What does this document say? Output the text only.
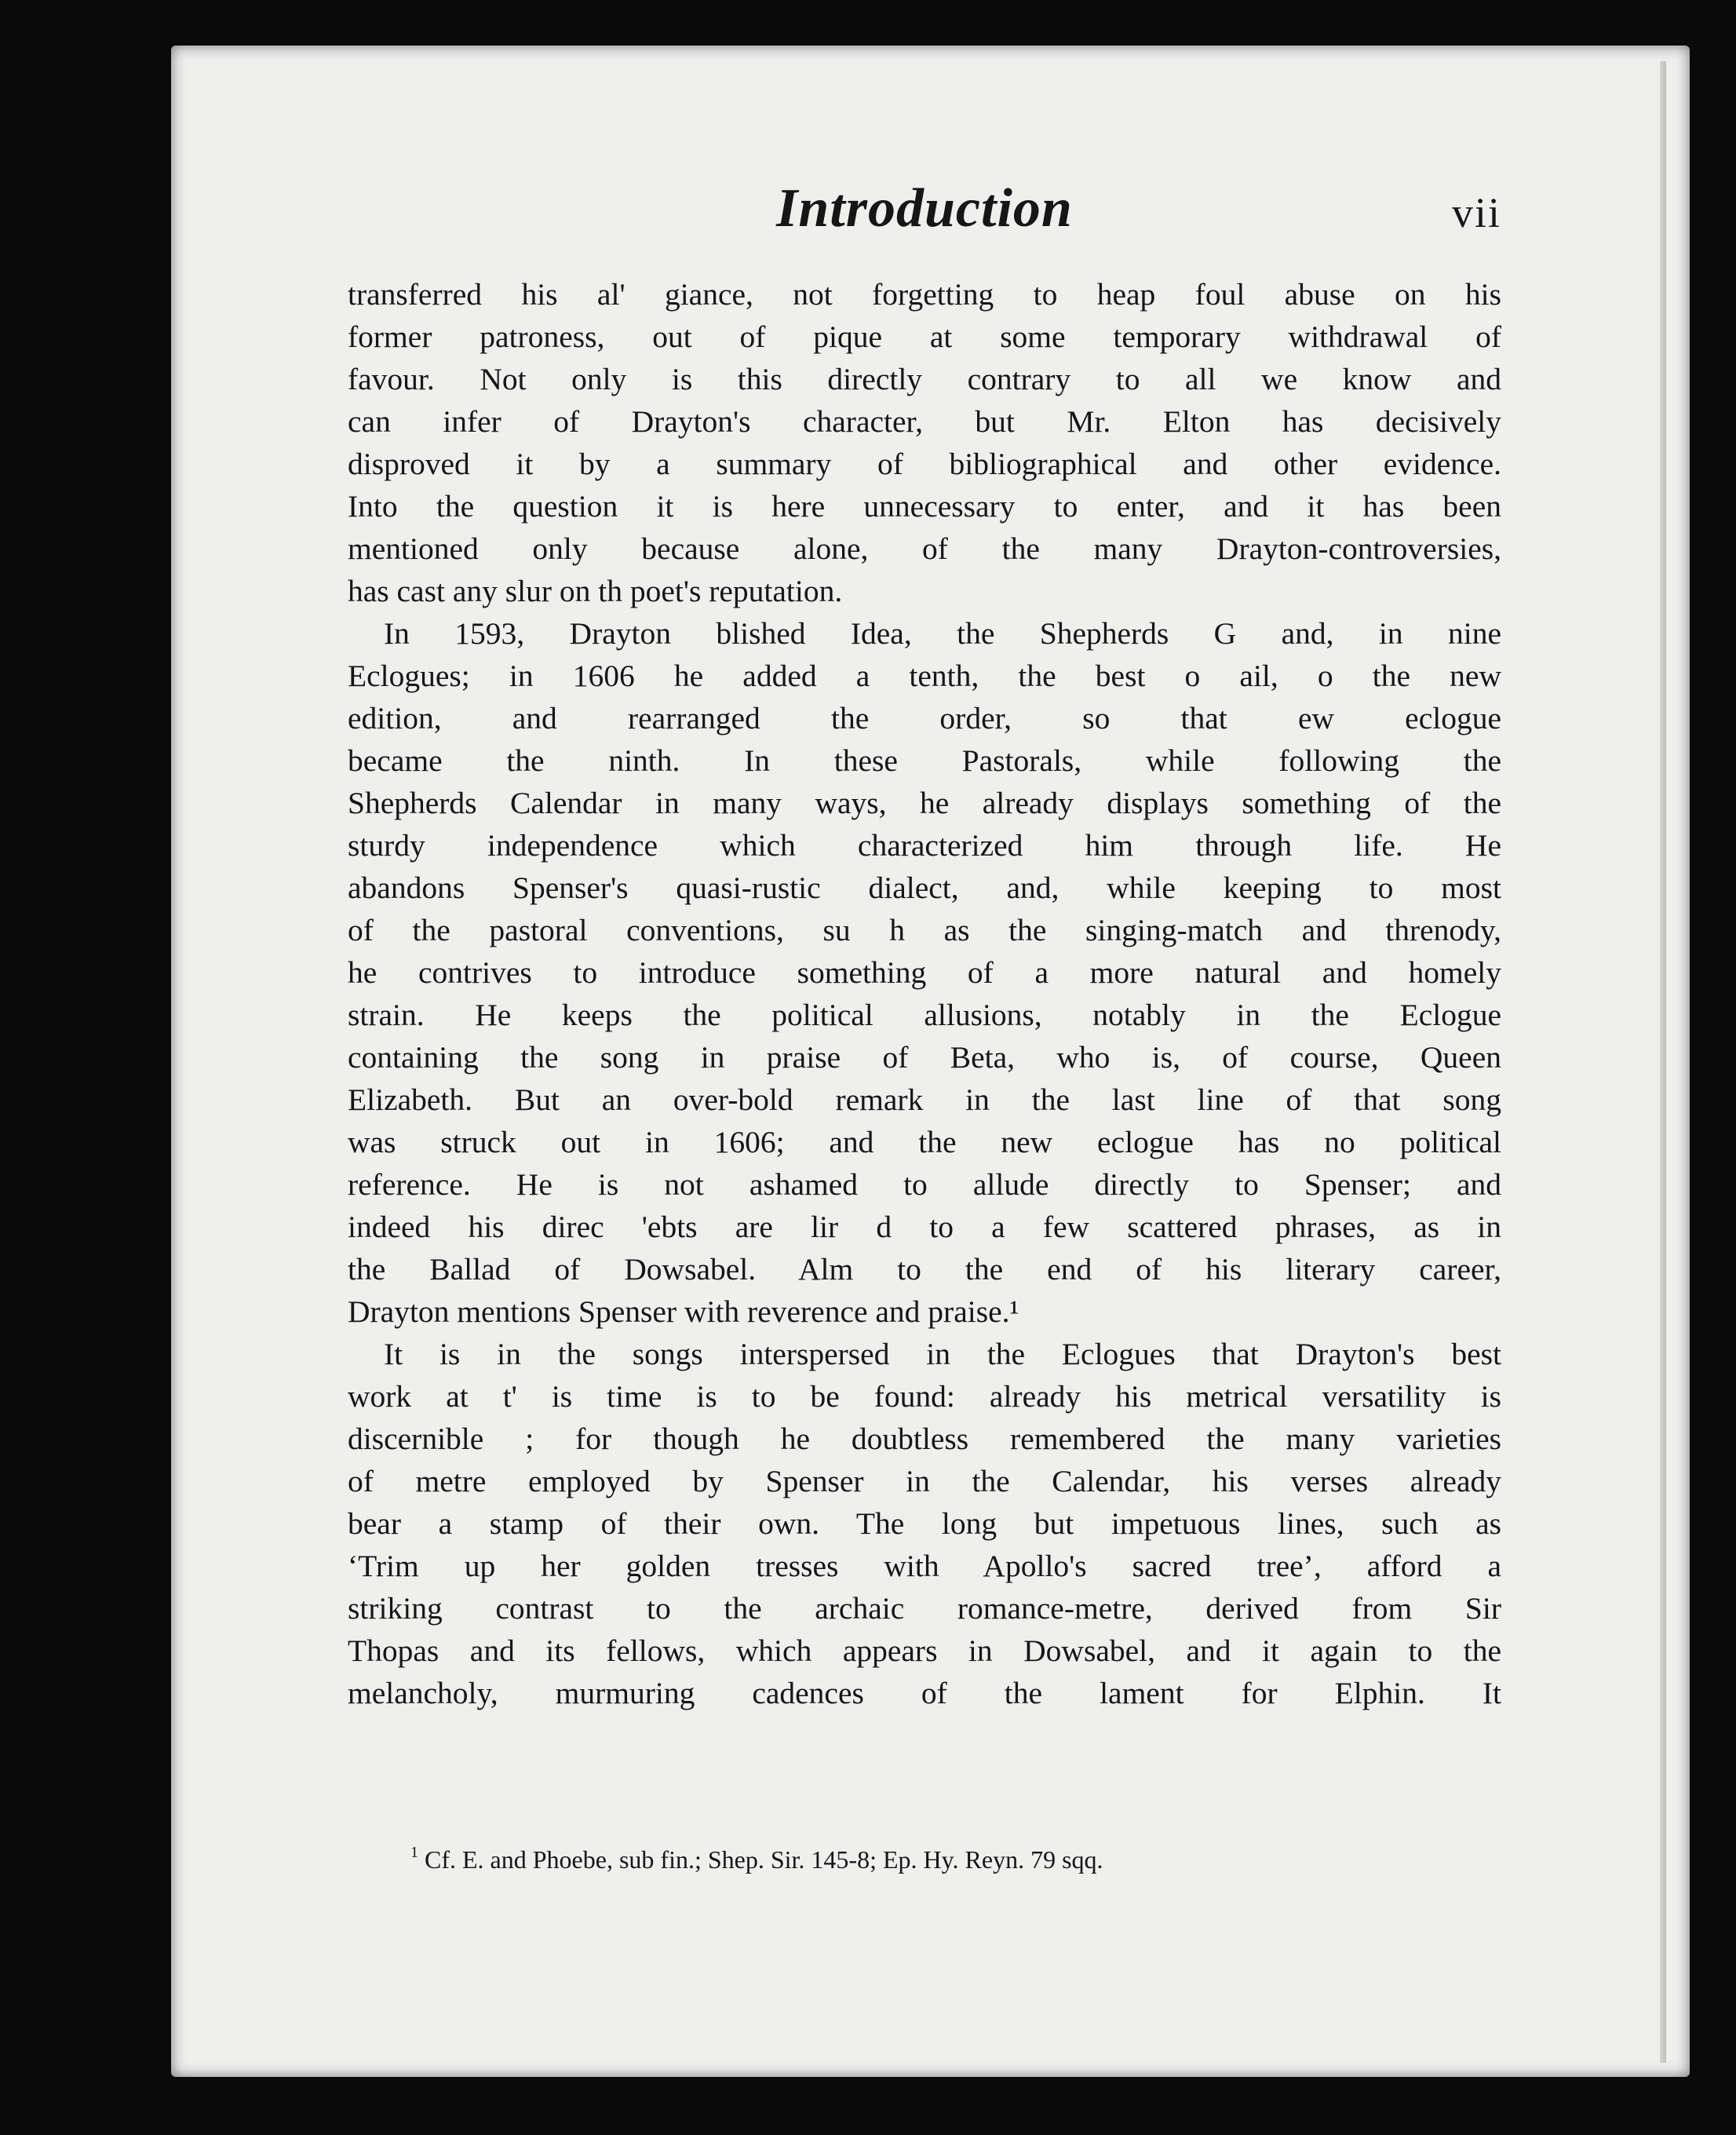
Introduction	vii
transferred his al' giance, not forgetting to heap foul abuse on his
former patroness, out of pique at some temporary withdrawal of
favour. Not only is this directly contrary to all we know and
can infer of Drayton's character, but Mr. Elton has decisively
disproved it by a summary of bibliographical and other evidence.
Into the question it is here unnecessary to enter, and it has been
mentioned only because alone, of the many Drayton-controversies,
has cast any slur on th poet's reputation.
In 1593, Drayton blished Idea, the Shepherds G and, in nine
Eclogues; in 1606 he added a tenth, the best o ail, o the new
edition, and rearranged the order, so that ew eclogue
became the ninth. In these Pastorals, while following the
Shepherds Calendar in many ways, he already displays something of the
sturdy independence which characterized him through life. He
abandons Spenser's quasi-rustic dialect, and, while keeping to most
of the pastoral conventions, su h as the singing-match and threnody,
he contrives to introduce something of a more natural and homely
strain. He keeps the political allusions, notably in the Eclogue
containing the song in praise of Beta, who is, of course, Queen
Elizabeth. But an over-bold remark in the last line of that song
was struck out in 1606; and the new eclogue has no political
reference. He is not ashamed to allude directly to Spenser; and
indeed his direc 'ebts are lir d to a few scattered phrases, as in
the Ballad of Dowsabel. Alm to the end of his literary career,
Drayton mentions Spenser with reverence and praise.¹
It is in the songs interspersed in the Eclogues that Drayton's best
work at t' is time is to be found: already his metrical versatility is
discernible ; for though he doubtless remembered the many varieties
of metre employed by Spenser in the Calendar, his verses already
bear a stamp of their own. The long but impetuous lines, such as
‘Trim up her golden tresses with Apollo's sacred tree’, afford a
striking contrast to the archaic romance-metre, derived from Sir
Thopas and its fellows, which appears in Dowsabel, and it again to the
melancholy, murmuring cadences of the lament for Elphin. It
$^1$ Cf. E. and Phoebe, sub fin.; Shep. Sir. 145-8; Ep. Hy. Reyn. 79 sqq.
